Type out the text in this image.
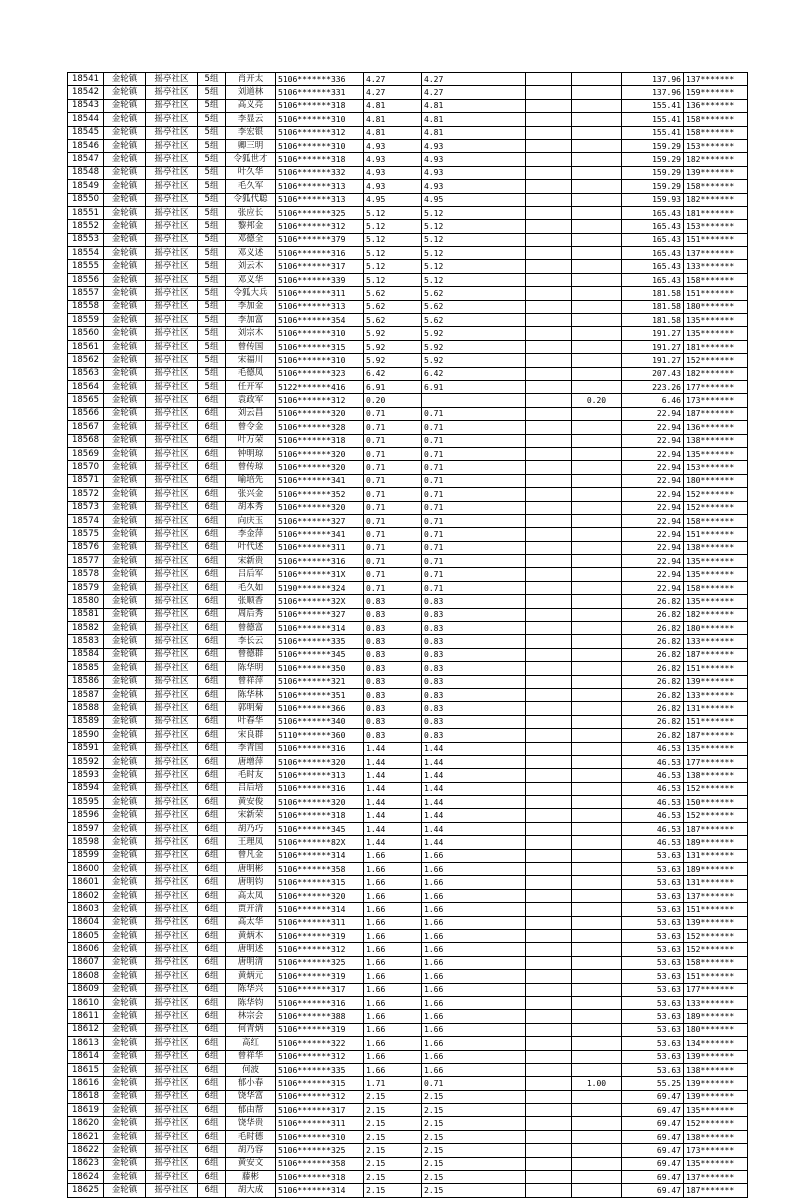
18541	金轮镇	摇亭社区	5组	肖开太	5106*******336	4.27	4.27			137.96	137*******
18542	金轮镇	摇亭社区	5组	刘道林	5106*******331	4.27	4.27			137.96	159*******
18543	金轮镇	摇亭社区	5组	高义亮	5106*******318	4.81	4.81			155.41	136*******
18544	金轮镇	摇亭社区	5组	李显云	5106*******310	4.81	4.81			155.41	158*******
18545	金轮镇	摇亭社区	5组	李宏银	5106*******312	4.81	4.81			155.41	158*******
18546	金轮镇	摇亭社区	5组	卿三明	5106*******310	4.93	4.93			159.29	153*******
18547	金轮镇	摇亭社区	5组	令狐世才	5106*******318	4.93	4.93			159.29	182*******
18548	金轮镇	摇亭社区	5组	叶久华	5106*******332	4.93	4.93			159.29	139*******
18549	金轮镇	摇亭社区	5组	毛久军	5106*******313	4.93	4.93			159.29	158*******
18550	金轮镇	摇亭社区	5组	令狐代聪	5106*******313	4.95	4.95			159.93	182*******
18551	金轮镇	摇亭社区	5组	张应长	5106*******325	5.12	5.12			165.43	181*******
18552	金轮镇	摇亭社区	5组	黎邦金	5106*******312	5.12	5.12			165.43	153*******
18553	金轮镇	摇亭社区	5组	邓德全	5106*******379	5.12	5.12			165.43	151*******
18554	金轮镇	摇亭社区	5组	邓义述	5106*******316	5.12	5.12			165.43	137*******
18555	金轮镇	摇亭社区	5组	刘云木	5106*******317	5.12	5.12			165.43	133*******
18556	金轮镇	摇亭社区	5组	邓义华	5106*******339	5.12	5.12			165.43	158*******
18557	金轮镇	摇亭社区	5组	令狐大兵	5106*******311	5.62	5.62			181.58	151*******
18558	金轮镇	摇亭社区	5组	李加金	5106*******313	5.62	5.62			181.58	180*******
18559	金轮镇	摇亭社区	5组	李加富	5106*******354	5.62	5.62			181.58	135*******
18560	金轮镇	摇亭社区	5组	刘宗木	5106*******310	5.92	5.92			191.27	135*******
18561	金轮镇	摇亭社区	5组	曾传国	5106*******315	5.92	5.92			191.27	181*******
18562	金轮镇	摇亭社区	5组	宋福川	5106*******310	5.92	5.92			191.27	152*******
18563	金轮镇	摇亭社区	5组	毛德凤	5106*******323	6.42	6.42			207.43	182*******
18564	金轮镇	摇亭社区	5组	任开军	5122*******416	6.91	6.91			223.26	177*******
18565	金轮镇	摇亭社区	6组	袁政军	5106*******312	0.20			0.20	6.46	173*******
18566	金轮镇	摇亭社区	6组	刘云昌	5106*******320	0.71	0.71			22.94	187*******
18567	金轮镇	摇亭社区	6组	曾令金	5106*******328	0.71	0.71			22.94	136*******
18568	金轮镇	摇亭社区	6组	叶万荣	5106*******318	0.71	0.71			22.94	138*******
18569	金轮镇	摇亭社区	6组	钟明琼	5106*******320	0.71	0.71			22.94	135*******
18570	金轮镇	摇亭社区	6组	曾传琼	5106*******320	0.71	0.71			22.94	153*******
18571	金轮镇	摇亭社区	6组	喻培先	5106*******341	0.71	0.71			22.94	180*******
18572	金轮镇	摇亭社区	6组	张兴金	5106*******352	0.71	0.71			22.94	152*******
18573	金轮镇	摇亭社区	6组	胡本秀	5106*******320	0.71	0.71			22.94	152*******
18574	金轮镇	摇亭社区	6组	向庆玉	5106*******327	0.71	0.71			22.94	158*******
18575	金轮镇	摇亭社区	6组	李金萍	5106*******341	0.71	0.71			22.94	151*******
18576	金轮镇	摇亭社区	6组	叶代述	5106*******311	0.71	0.71			22.94	138*******
18577	金轮镇	摇亭社区	6组	宋新贵	5106*******316	0.71	0.71			22.94	135*******
18578	金轮镇	摇亭社区	6组	吕后军	5106*******31X	0.71	0.71			22.94	135*******
18579	金轮镇	摇亭社区	6组	毛久如	5190*******324	0.71	0.71			22.94	158*******
18580	金轮镇	摇亭社区	6组	张顺香	5106*******32X	0.83	0.83			26.82	135*******
18581	金轮镇	摇亭社区	6组	周后秀	5106*******327	0.83	0.83			26.82	182*******
18582	金轮镇	摇亭社区	6组	曾德富	5106*******314	0.83	0.83			26.82	180*******
18583	金轮镇	摇亭社区	6组	李长云	5106*******335	0.83	0.83			26.82	133*******
18584	金轮镇	摇亭社区	6组	曾德群	5106*******345	0.83	0.83			26.82	187*******
18585	金轮镇	摇亭社区	6组	陈华明	5106*******350	0.83	0.83			26.82	151*******
18586	金轮镇	摇亭社区	6组	曾祥萍	5106*******321	0.83	0.83			26.82	139*******
18587	金轮镇	摇亭社区	6组	陈华林	5106*******351	0.83	0.83			26.82	133*******
18588	金轮镇	摇亭社区	6组	郭明菊	5106*******366	0.83	0.83			26.82	131*******
18589	金轮镇	摇亭社区	6组	叶春华	5106*******340	0.83	0.83			26.82	151*******
18590	金轮镇	摇亭社区	6组	宋良群	5110*******360	0.83	0.83			26.82	187*******
18591	金轮镇	摇亭社区	6组	李青国	5106*******316	1.44	1.44			46.53	135*******
18592	金轮镇	摇亭社区	6组	唐增萍	5106*******320	1.44	1.44			46.53	177*******
18593	金轮镇	摇亭社区	6组	毛时友	5106*******313	1.44	1.44			46.53	138*******
18594	金轮镇	摇亭社区	6组	吕后培	5106*******316	1.44	1.44			46.53	152*******
18595	金轮镇	摇亭社区	6组	黄安俊	5106*******320	1.44	1.44			46.53	150*******
18596	金轮镇	摇亭社区	6组	宋新荣	5106*******318	1.44	1.44			46.53	152*******
18597	金轮镇	摇亭社区	6组	胡乃巧	5106*******345	1.44	1.44			46.53	187*******
18598	金轮镇	摇亭社区	6组	王理凤	5106*******82X	1.44	1.44			46.53	189*******
18599	金轮镇	摇亭社区	6组	曾凡金	5106*******314	1.66	1.66			53.63	131*******
18600	金轮镇	摇亭社区	6组	唐明彬	5106*******358	1.66	1.66			53.63	189*******
18601	金轮镇	摇亭社区	6组	唐明钧	5106*******315	1.66	1.66			53.63	131*******
18602	金轮镇	摇亭社区	6组	高太凤	5106*******320	1.66	1.66			53.63	137*******
18603	金轮镇	摇亭社区	6组	贾开清	5106*******314	1.66	1.66			53.63	151*******
18604	金轮镇	摇亭社区	6组	高太华	5106*******311	1.66	1.66			53.63	139*******
18605	金轮镇	摇亭社区	6组	黄炳木	5106*******319	1.66	1.66			53.63	152*******
18606	金轮镇	摇亭社区	6组	唐明述	5106*******312	1.66	1.66			53.63	152*******
18607	金轮镇	摇亭社区	6组	唐明清	5106*******325	1.66	1.66			53.63	158*******
18608	金轮镇	摇亭社区	6组	黄炳元	5106*******319	1.66	1.66			53.63	151*******
18609	金轮镇	摇亭社区	6组	陈华兴	5106*******317	1.66	1.66			53.63	177*******
18610	金轮镇	摇亭社区	6组	陈华钧	5106*******316	1.66	1.66			53.63	133*******
18611	金轮镇	摇亭社区	6组	林宗会	5106*******388	1.66	1.66			53.63	189*******
18612	金轮镇	摇亭社区	6组	何青炳	5106*******319	1.66	1.66			53.63	180*******
18613	金轮镇	摇亭社区	6组	高红	5106*******322	1.66	1.66			53.63	134*******
18614	金轮镇	摇亭社区	6组	曾祥华	5106*******312	1.66	1.66			53.63	139*******
18615	金轮镇	摇亭社区	6组	何波	5106*******335	1.66	1.66			53.63	138*******
18616	金轮镇	摇亭社区	6组	郁小春	5106*******315	1.71	0.71		1.00	55.25	139*******
18618	金轮镇	摇亭社区	6组	饶华富	5106*******312	2.15	2.15			69.47	139*******
18619	金轮镇	摇亭社区	6组	郁由帮	5106*******317	2.15	2.15			69.47	135*******
18620	金轮镇	摇亭社区	6组	饶华贵	5106*******311	2.15	2.15			69.47	152*******
18621	金轮镇	摇亭社区	6组	毛时德	5106*******310	2.15	2.15			69.47	138*******
18622	金轮镇	摇亭社区	6组	胡乃容	5106*******325	2.15	2.15			69.47	173*******
18623	金轮镇	摇亭社区	6组	黄安文	5106*******358	2.15	2.15			69.47	135*******
18624	金轮镇	摇亭社区	6组	藤彬	5106*******318	2.15	2.15			69.47	137*******
18625	金轮镇	摇亭社区	6组	胡大成	5106*******314	2.15	2.15			69.47	187*******
